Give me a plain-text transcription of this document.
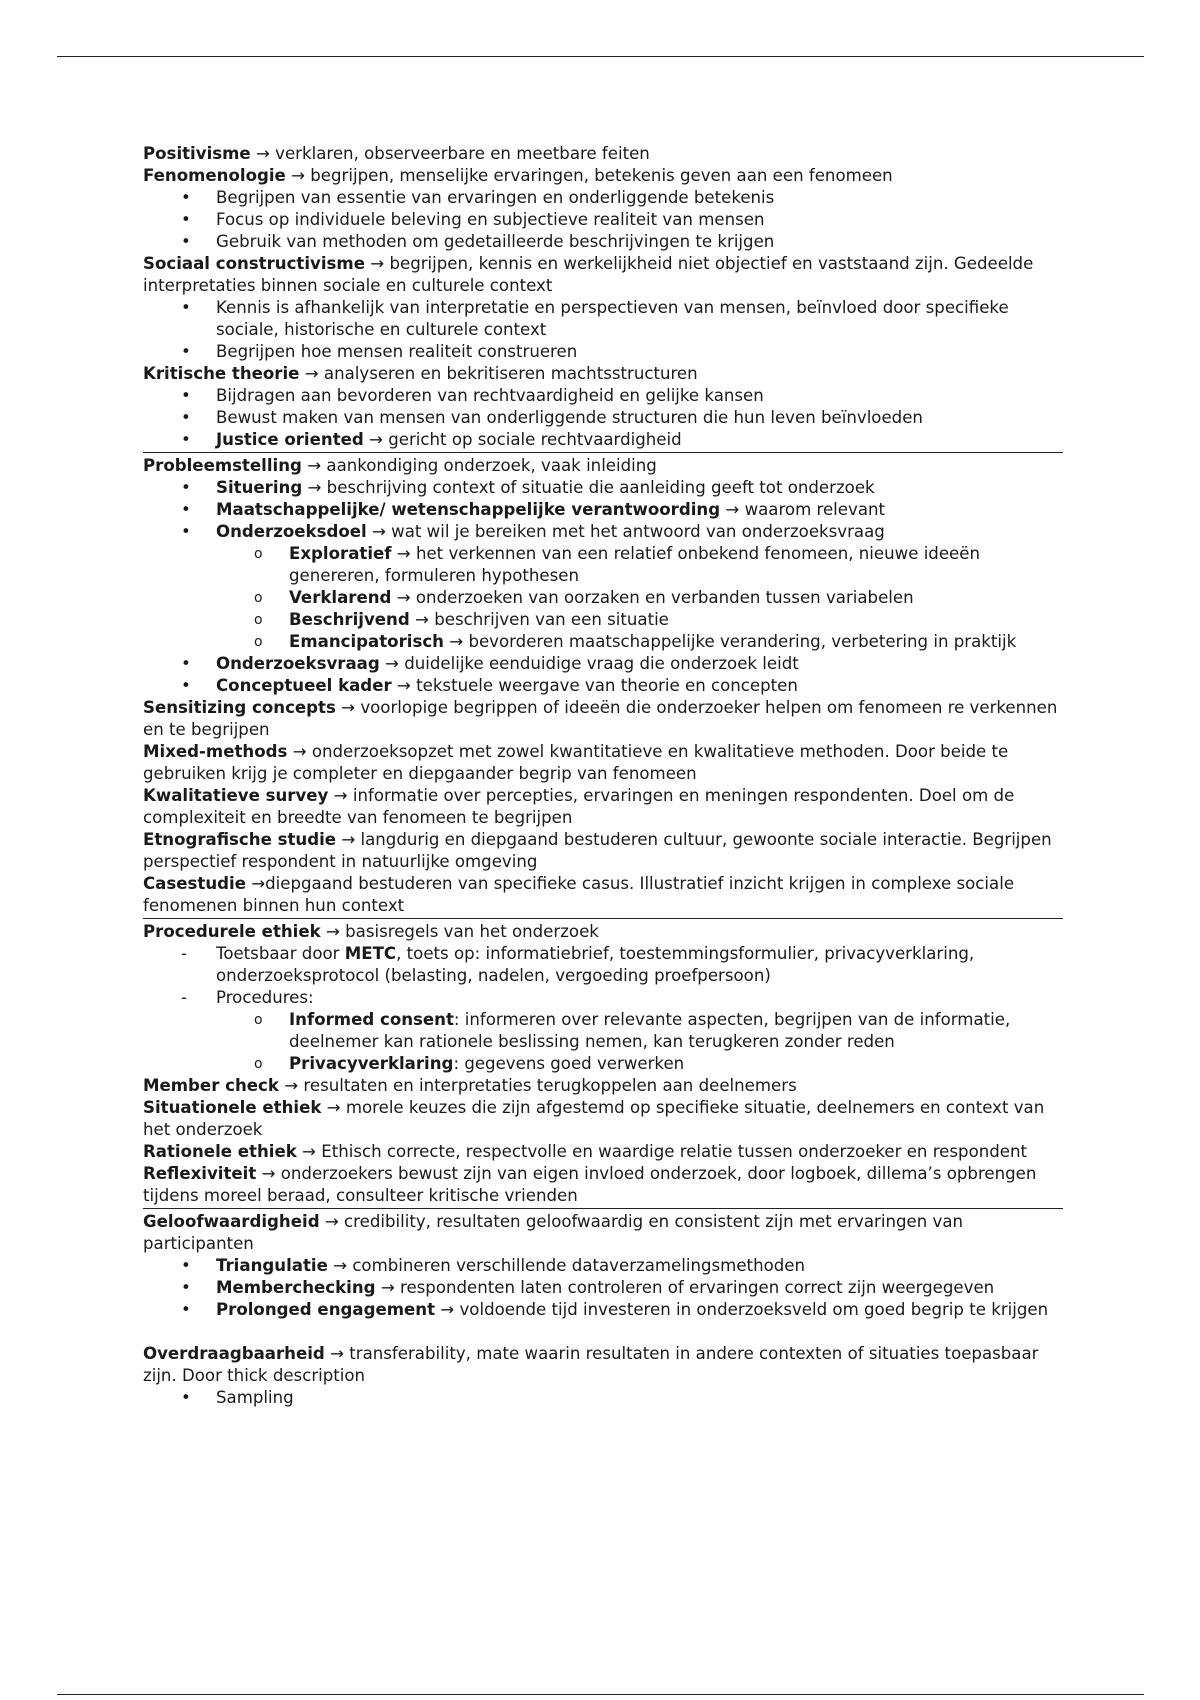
Positivisme → verklaren, observeerbare en meetbare feiten

Fenomenologie → begrijpen, menselijke ervaringen, betekenis geven aan een fenomeen

•
Begrijpen van essentie van ervaringen en onderliggende betekenis
•
Focus op individuele beleving en subjectieve realiteit van mensen
•
Gebruik van methoden om gedetailleerde beschrijvingen te krijgen

Sociaal constructivisme → begrijpen, kennis en werkelijkheid niet objectief en vaststaand zijn. Gedeelde interpretaties binnen sociale en culturele context

•
Kennis is afhankelijk van interpretatie en perspectieven van mensen, beïnvloed door specifieke sociale, historische en culturele context
•
Begrijpen hoe mensen realiteit construeren

Kritische theorie → analyseren en bekritiseren machtsstructuren

•
Bijdragen aan bevorderen van rechtvaardigheid en gelijke kansen
•
Bewust maken van mensen van onderliggende structuren die hun leven beïnvloeden
•
Justice oriented → gericht op sociale rechtvaardigheid

Probleemstelling → aankondiging onderzoek, vaak inleiding

•
Situering → beschrijving context of situatie die aanleiding geeft tot onderzoek
•
Maatschappelijke/ wetenschappelijke verantwoording → waarom relevant
•
Onderzoeksdoel → wat wil je bereiken met het antwoord van onderzoeksvraag
o	Exploratief → het verkennen van een relatief onbekend fenomeen, nieuwe ideeën genereren, formuleren hypothesen
o	Verklarend → onderzoeken van oorzaken en verbanden tussen variabelen
o	Beschrijvend → beschrijven van een situatie
o	Emancipatorisch → bevorderen maatschappelijke verandering, verbetering in praktijk
•
Onderzoeksvraag → duidelijke eenduidige vraag die onderzoek leidt
•
Conceptueel kader → tekstuele weergave van theorie en concepten

Sensitizing concepts → voorlopige begrippen of ideeën die onderzoeker helpen om fenomeen re verkennen en te begrijpen

Mixed-methods → onderzoeksopzet met zowel kwantitatieve en kwalitatieve methoden. Door beide te gebruiken krijg je completer en diepgaander begrip van fenomeen

Kwalitatieve survey → informatie over percepties, ervaringen en meningen respondenten. Doel om de complexiteit en breedte van fenomeen te begrijpen

Etnografische studie → langdurig en diepgaand bestuderen cultuur, gewoonte sociale interactie. Begrijpen perspectief respondent in natuurlijke omgeving

Casestudie →diepgaand bestuderen van specifieke casus. Illustratief inzicht krijgen in complexe sociale fenomenen binnen hun context

Procedurele ethiek → basisregels van het onderzoek

-	Toetsbaar door METC, toets op: informatiebrief, toestemmingsformulier, privacyverklaring, onderzoeksprotocol (belasting, nadelen, vergoeding proefpersoon)
-	Procedures:
o	Informed consent: informeren over relevante aspecten, begrijpen van de informatie, deelnemer kan rationele beslissing nemen, kan terugkeren zonder reden
o	Privacyverklaring: gegevens goed verwerken

Member check → resultaten en interpretaties terugkoppelen aan deelnemers

Situationele ethiek → morele keuzes die zijn afgestemd op specifieke situatie, deelnemers en context van het onderzoek

Rationele ethiek → Ethisch correcte, respectvolle en waardige relatie tussen onderzoeker en respondent

Reflexiviteit → onderzoekers bewust zijn van eigen invloed onderzoek, door logboek, dillema’s opbrengen tijdens moreel beraad, consulteer kritische vrienden

Geloofwaardigheid → credibility, resultaten geloofwaardig en consistent zijn met ervaringen van participanten

•
Triangulatie → combineren verschillende dataverzamelingsmethoden
•
Memberchecking → respondenten laten controleren of ervaringen correct zijn weergegeven
•
Prolonged engagement → voldoende tijd investeren in onderzoeksveld om goed begrip te krijgen

Overdraagbaarheid → transferability, mate waarin resultaten in andere contexten of situaties toepasbaar zijn. Door thick description

•
Sampling
